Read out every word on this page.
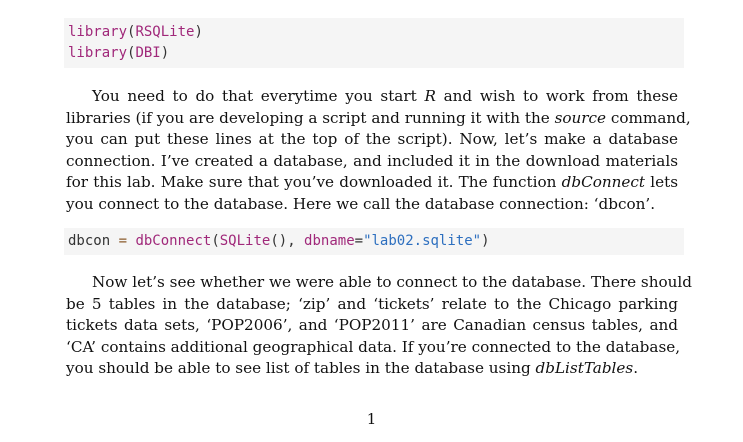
library(RSQLite)
library(DBI)
You need to do that everytime you start R and wish to work from these
libraries (if you are developing a script and running it with the source command,
you can put these lines at the top of the script). Now, let’s make a database
connection. I’ve created a database, and included it in the download materials
for this lab. Make sure that you’ve downloaded it. The function dbConnect lets
you connect to the database. Here we call the database connection: ‘dbcon’.
dbcon = dbConnect(SQLite(), dbname="lab02.sqlite")
Now let’s see whether we were able to connect to the database. There should
be 5 tables in the database; ‘zip’ and ‘tickets’ relate to the Chicago parking
tickets data sets, ‘POP2006’, and ‘POP2011’ are Canadian census tables, and
‘CA’ contains additional geographical data. If you’re connected to the database,
you should be able to see list of tables in the database using dbListTables.
1
